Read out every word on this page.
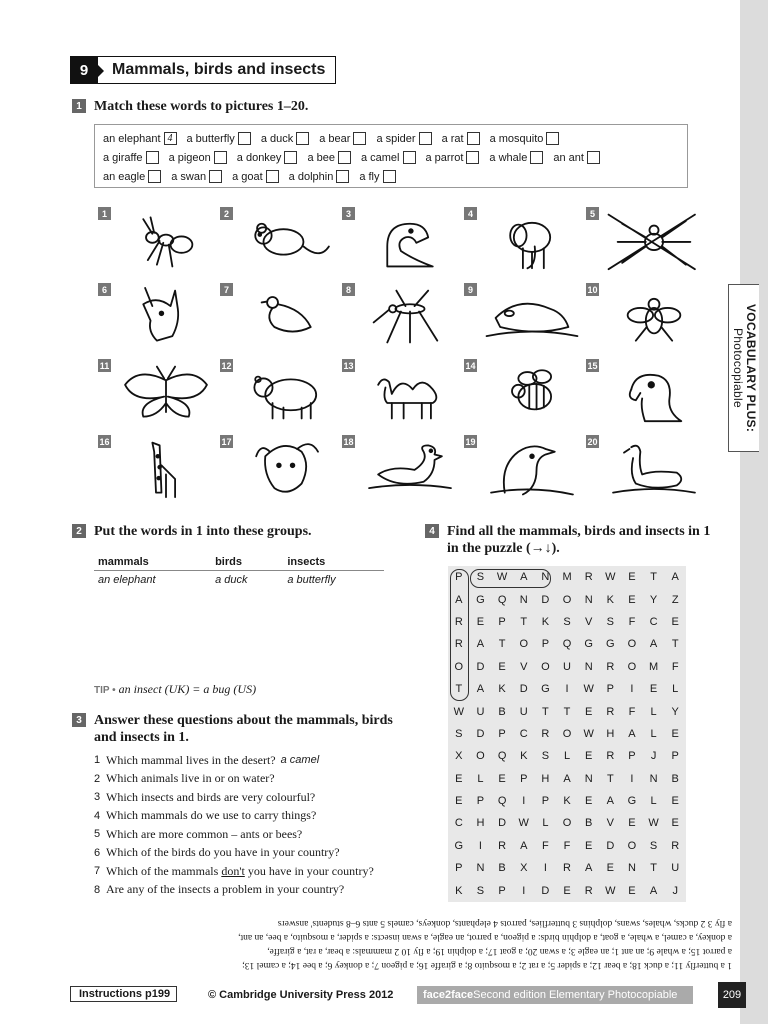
VOCABULARY PLUS:
Photocopiable
9	Mammals, birds and insects
1 Match these words to pictures 1–20.
an elephant 4	a butterfly a duck a bear a spider a rat a mosquito
a giraffe a pigeon a donkey a bee a camel a parrot a whale an ant
an eagle a swan a goat a dolphin a fly
1	2	3	4	5
6	7	8	9	10
11	12	13	14	15
16	17	18	19	20
2 Put the words in 1 into these groups.
mammals	birds	insects
an elephant	a duck	a butterfly
TIP • an insect (UK) = a bug (US)
3 Answer these questions about the mammals, birds and insects in 1.
1 Which mammal lives in the desert? a camel
2 Which animals live in or on water?
3 Which insects and birds are very colourful?
4 Which mammals do we use to carry things?
5 Which are more common – ants or bees?
6 Which of the birds do you have in your country?
7 Which of the mammals don't you have in your country?
8 Are any of the insects a problem in your country?
4 Find all the mammals, birds and insects in 1 in the puzzle (→↓).
P	S	W	A	N	M	R	W	E	T	A
A	G	Q	N	D	O	N	K	E	Y	Z
R	E	P	T	K	S	V	S	F	C	E
R	A	T	O	P	Q	G	G	O	A	T
O	D	E	V	O	U	N	R	O	M	F
T	A	K	D	G	I	W	P	I	E	L
W	U	B	U	T	T	E	R	F	L	Y
S	D	P	C	R	O	W	H	A	L	E
X	O	Q	K	S	L	E	R	P	J	P
E	L	E	P	H	A	N	T	I	N	B
E	P	Q	I	P	K	E	A	G	L	E
C	H	D	W	L	O	B	V	E	W	E
G	I	R	A	F	F	E	D	O	S	R
P	N	B	X	I	R	A	E	N	T	U
K	S	P	I	D	E	R	W	E	A	J
1 a butterfly 11; a duck 18; a bear 12; a spider 5; a rat 2; a mosquito 8; a giraffe 16; a pigeon 7; a donkey 6; a bee 14; a camel 13;
a parrot 15; a whale 9; an ant 1; an eagle 3; a swan 20; a goat 17; a dolphin 19; a fly 10 2 mammals: a bear, a rat, a giraffe,
a donkey, a camel, a whale, a goat, a dolphin birds: a pigeon, a parrot, an eagle, a swan insects: a spider, a mosquito, a bee, an ant,
a fly 3 2 ducks, whales, swans, dolphins 3 butterflies, parrots 4 elephants, donkeys, camels 5 ants 6–8 students' answers
Instructions p199	© Cambridge University Press 2012	face2face Second edition Elementary Photocopiable	209
